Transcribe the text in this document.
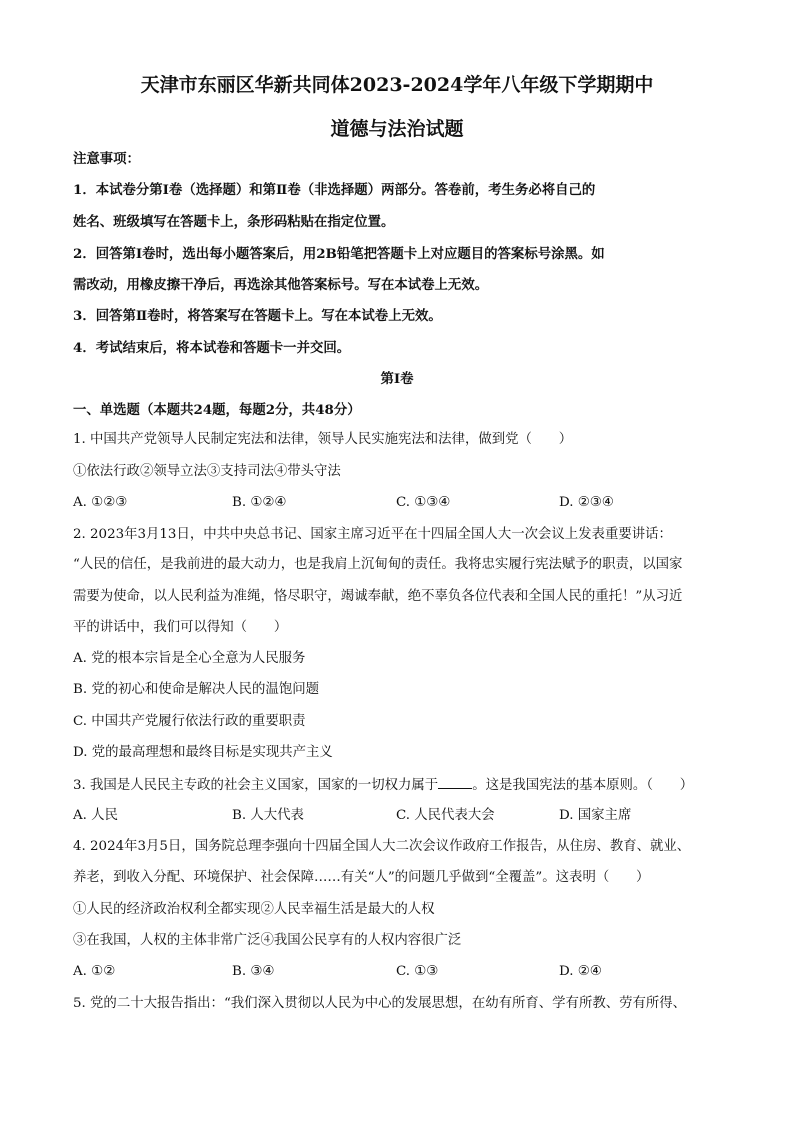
天津市东丽区华新共同体2023-2024学年八年级下学期期中
道德与法治试题
注意事项：
1．本试卷分第Ⅰ卷（选择题）和第Ⅱ卷（非选择题）两部分。答卷前，考生务必将自己的
姓名、班级填写在答题卡上，条形码粘贴在指定位置。
2．回答第Ⅰ卷时，选出每小题答案后，用2B铅笔把答题卡上对应题目的答案标号涂黑。如
需改动，用橡皮擦干净后，再选涂其他答案标号。写在本试卷上无效。
3．回答第Ⅱ卷时，将答案写在答题卡上。写在本试卷上无效。
4．考试结束后，将本试卷和答题卡一并交回。
第Ⅰ卷
一、单选题（本题共24题，每题2分，共48分）
1. 中国共产党领导人民制定宪法和法律，领导人民实施宪法和法律，做到党（　　）
①依法行政②领导立法③支持司法④带头守法
A. ①②③	B. ①②④	C. ①③④	D. ②③④
2. 2023年3月13日，中共中央总书记、国家主席习近平在十四届全国人大一次会议上发表重要讲话：
“人民的信任，是我前进的最大动力，也是我肩上沉甸甸的责任。我将忠实履行宪法赋予的职责，以国家
需要为使命，以人民利益为准绳，恪尽职守，竭诚奉献，绝不辜负各位代表和全国人民的重托！”从习近
平的讲话中，我们可以得知（　　）
A. 党的根本宗旨是全心全意为人民服务
B. 党的初心和使命是解决人民的温饱问题
C. 中国共产党履行依法行政的重要职责
D. 党的最高理想和最终目标是实现共产主义
3. 我国是人民民主专政的社会主义国家，国家的一切权力属于	。这是我国宪法的基本原则。（　　）
A. 人民	B. 人大代表	C. 人民代表大会	D. 国家主席
4. 2024年3月5日，国务院总理李强向十四届全国人大二次会议作政府工作报告，从住房、教育、就业、
养老，到收入分配、环境保护、社会保障……有关“人”的问题几乎做到“全覆盖”。这表明（　　）
①人民的经济政治权利全都实现②人民幸福生活是最大的人权
③在我国，人权的主体非常广泛④我国公民享有的人权内容很广泛
A. ①②	B. ③④	C. ①③	D. ②④
5. 党的二十大报告指出：“我们深入贯彻以人民为中心的发展思想，在幼有所育、学有所教、劳有所得、
